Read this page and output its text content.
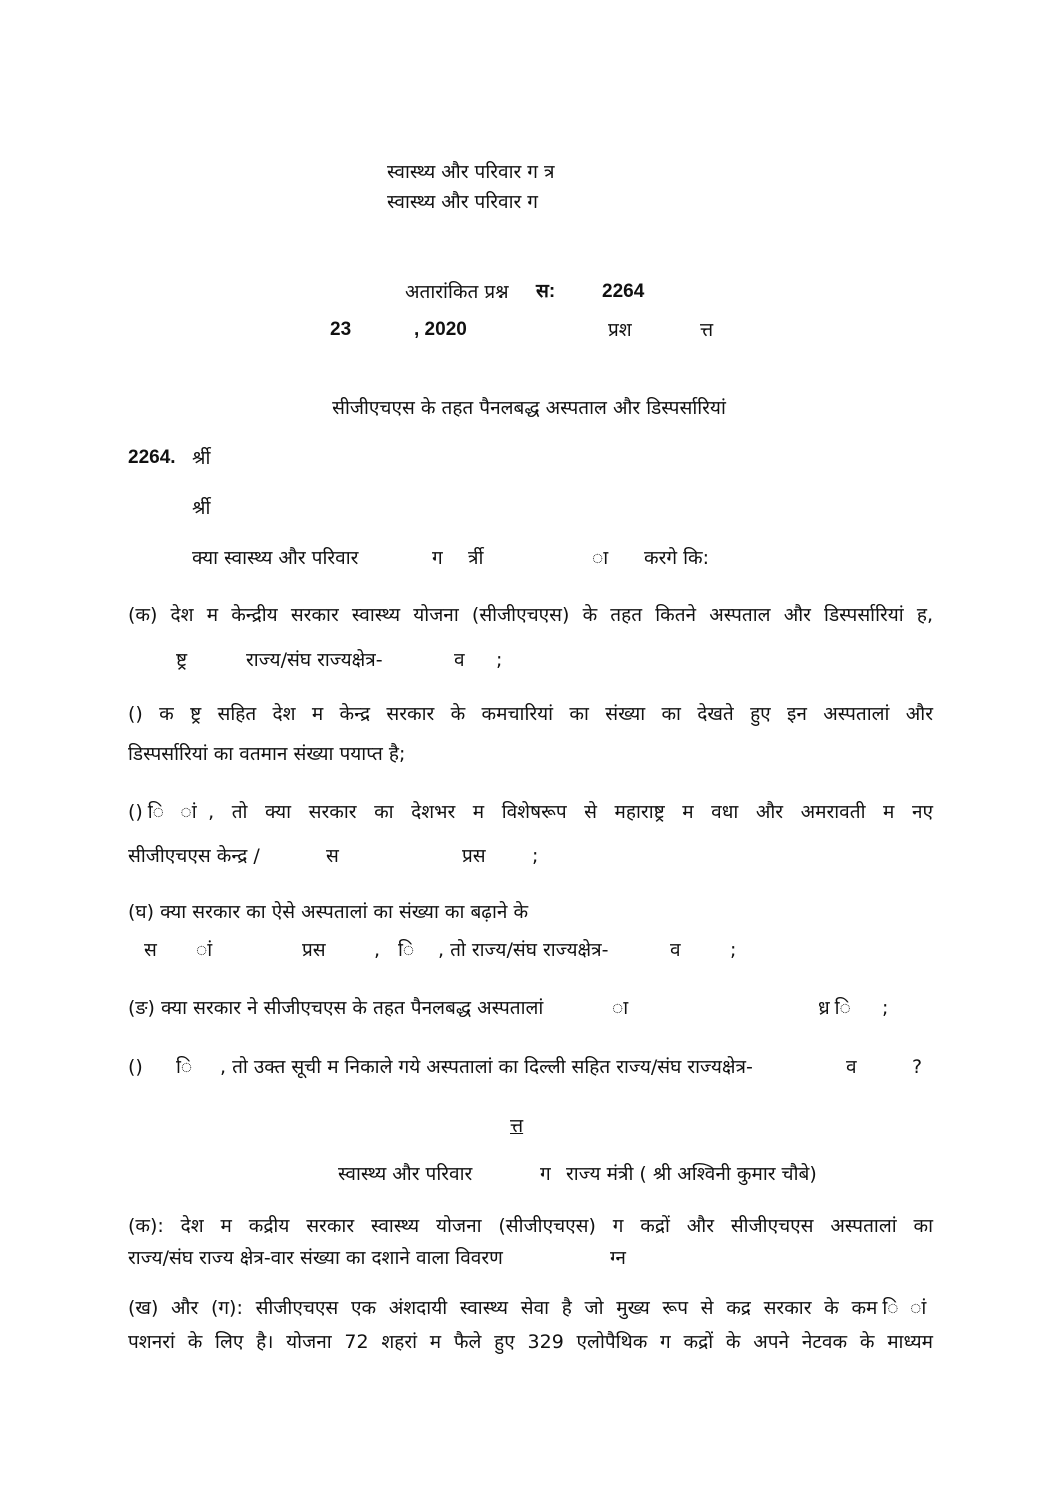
स्वास्थ्य और परिवार ग त्र
स्वास्थ्य और परिवार ग
अतारांकित प्रश्न स: 2264
23	, 2020	प्रश	त्त
सीजीएचएस के तहत पैनलबद्ध अस्पताल और डिस्पर्सारियां
2264. र्श्री
र्श्री
क्या स्वास्थ्य और परिवार	ग र्त्री	ा करगे कि:
(क) देश म केन्द्रीय सरकार स्वास्थ्य योजना (सीजीएचएस) के तहत कितने अस्पताल और डिस्पर्सारियां ह,
ष्ट्र	राज्य/संघ राज्यक्षेत्र-	व ;
() क ष्ट्र सहित देश म केन्द्र सरकार के कमचारियां का संख्या का देखते हुए इन अस्पतालां और
डिस्पर्सारियां का वतमान संख्या पयाप्त है;
() ि ां, तो क्या सरकार का देशभर म विशेषरूप से महाराष्ट्र म वधा और अमरावती म नए
सीजीएचएस केन्द्र /	स	प्रस ;
(घ) क्या सरकार का ऐसे अस्पतालां का संख्या का बढ़ाने के
स ां	प्रस	, ि , तो राज्य/संघ राज्यक्षेत्र-	व	;
(ङ) क्या सरकार ने सीजीएचएस के तहत पैनलबद्ध अस्पतालां	ा	ध्र ि ;
() ि , तो उक्त सूची म निकाले गये अस्पतालां का दिल्ली सहित राज्य/संघ राज्यक्षेत्र-	व	?
त्त
स्वास्थ्य और परिवार	ग राज्य मंत्री ( श्री अश्विनी कुमार चौबे)
(क): देश म कद्रीय सरकार स्वास्थ्य योजना (सीजीएचएस) ग कद्रों और सीजीएचएस अस्पतालां का
राज्य/संघ राज्य क्षेत्र-वार संख्या का दशाने वाला विवरण	ग्न
(ख) और (ग): सीजीएचएस एक अंशदायी स्वास्थ्य सेवा है जो मुख्य रूप से कद्र सरकार के कम ि ां
पशनरां के लिए है। योजना 72 शहरां म फैले हुए 329 एलोपैथिक ग कद्रों के अपने नेटवक के माध्यम
